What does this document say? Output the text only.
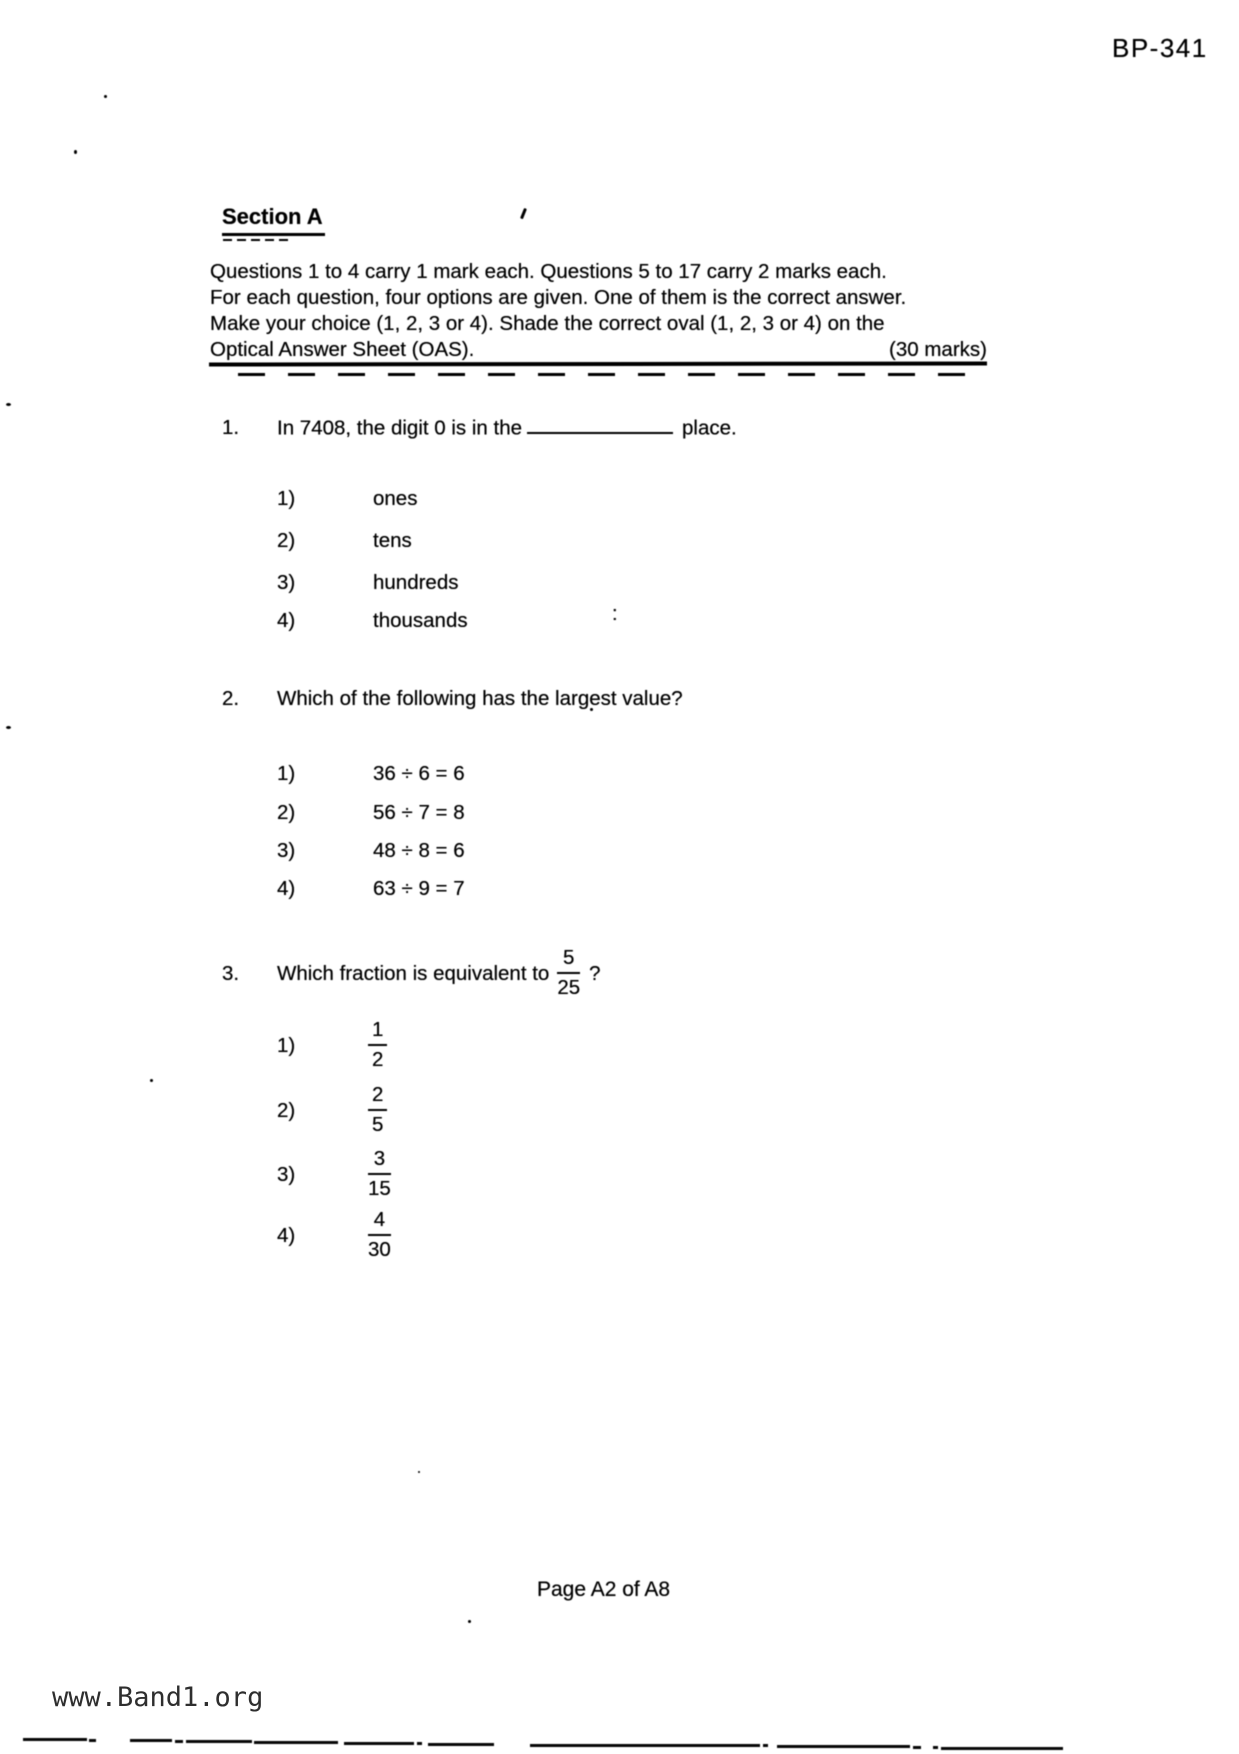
BP-341
Section A
Questions 1 to 4 carry 1 mark each. Questions 5 to 17 carry 2 marks each.
For each question, four options are given. One of them is the correct answer.
Make your choice (1, 2, 3 or 4). Shade the correct oval (1, 2, 3 or 4) on the
Optical Answer Sheet (OAS).	(30 marks)
1. In 7408, the digit 0 is in the	place.
1)	ones
2)	tens
3)	hundreds
4)	thousands	:
2. Which of the following has the largest value?
1)	36 ÷ 6 = 6
2)	56 ÷ 7 = 8
3)	48 ÷ 8 = 6
4)	63 ÷ 9 = 7
3.	Which fraction is equivalent to $\frac{5}{25}$ ?
1)	$\frac{1}{2}$
2)	$\frac{2}{5}$
3)	$\frac{3}{15}$
4)	$\frac{4}{30}$
Page A2 of A8
www.Band1.org
